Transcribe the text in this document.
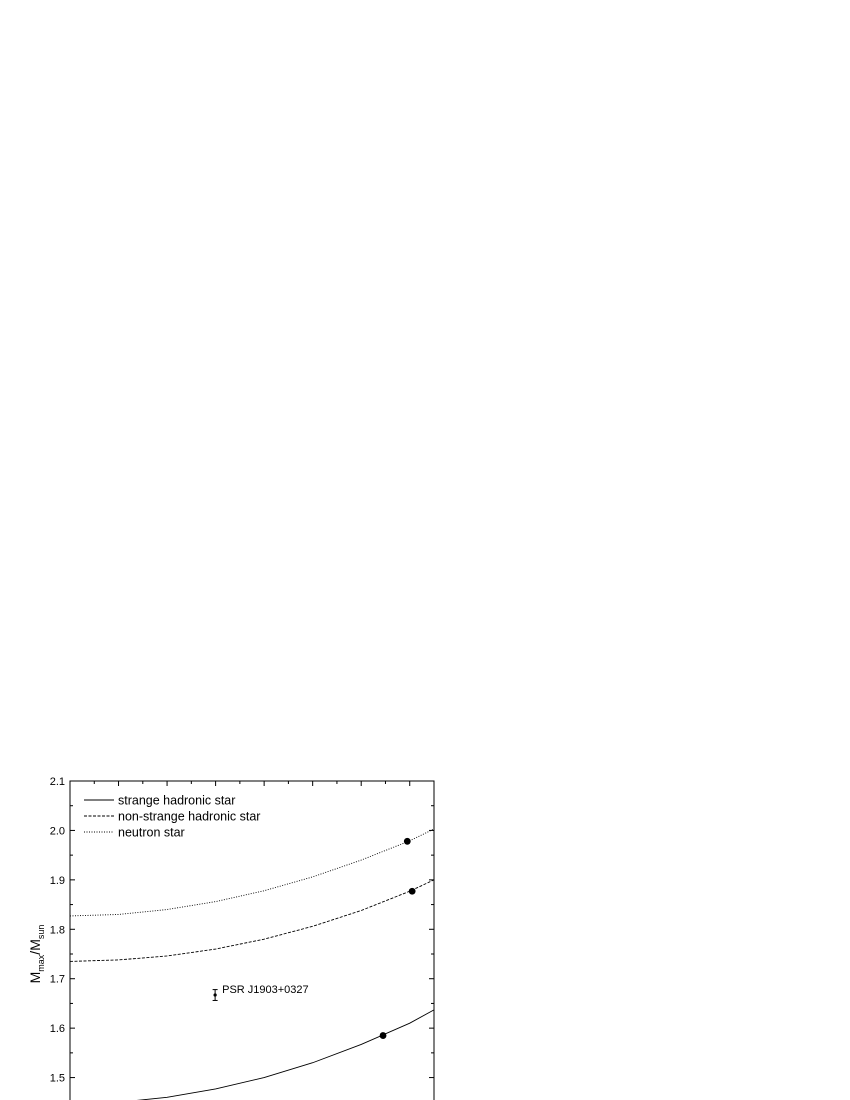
1.5
1.6
1.7
1.8
1.9
2.0
2.1
PSR J1903+0327
strange hadronic star
non-strange hadronic star
neutron star
$M_{max}/M_{sun}$
